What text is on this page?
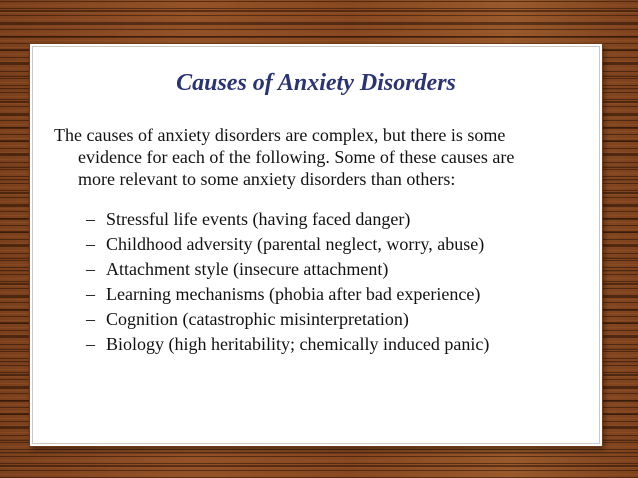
Causes of Anxiety Disorders

The causes of anxiety disorders are complex, but there is some
evidence for each of the following. Some of these causes are
more relevant to some anxiety disorders than others:

– Stressful life events (having faced danger)
– Childhood adversity (parental neglect, worry, abuse)
– Attachment style (insecure attachment)
– Learning mechanisms (phobia after bad experience)
– Cognition (catastrophic misinterpretation)
– Biology (high heritability; chemically induced panic)
